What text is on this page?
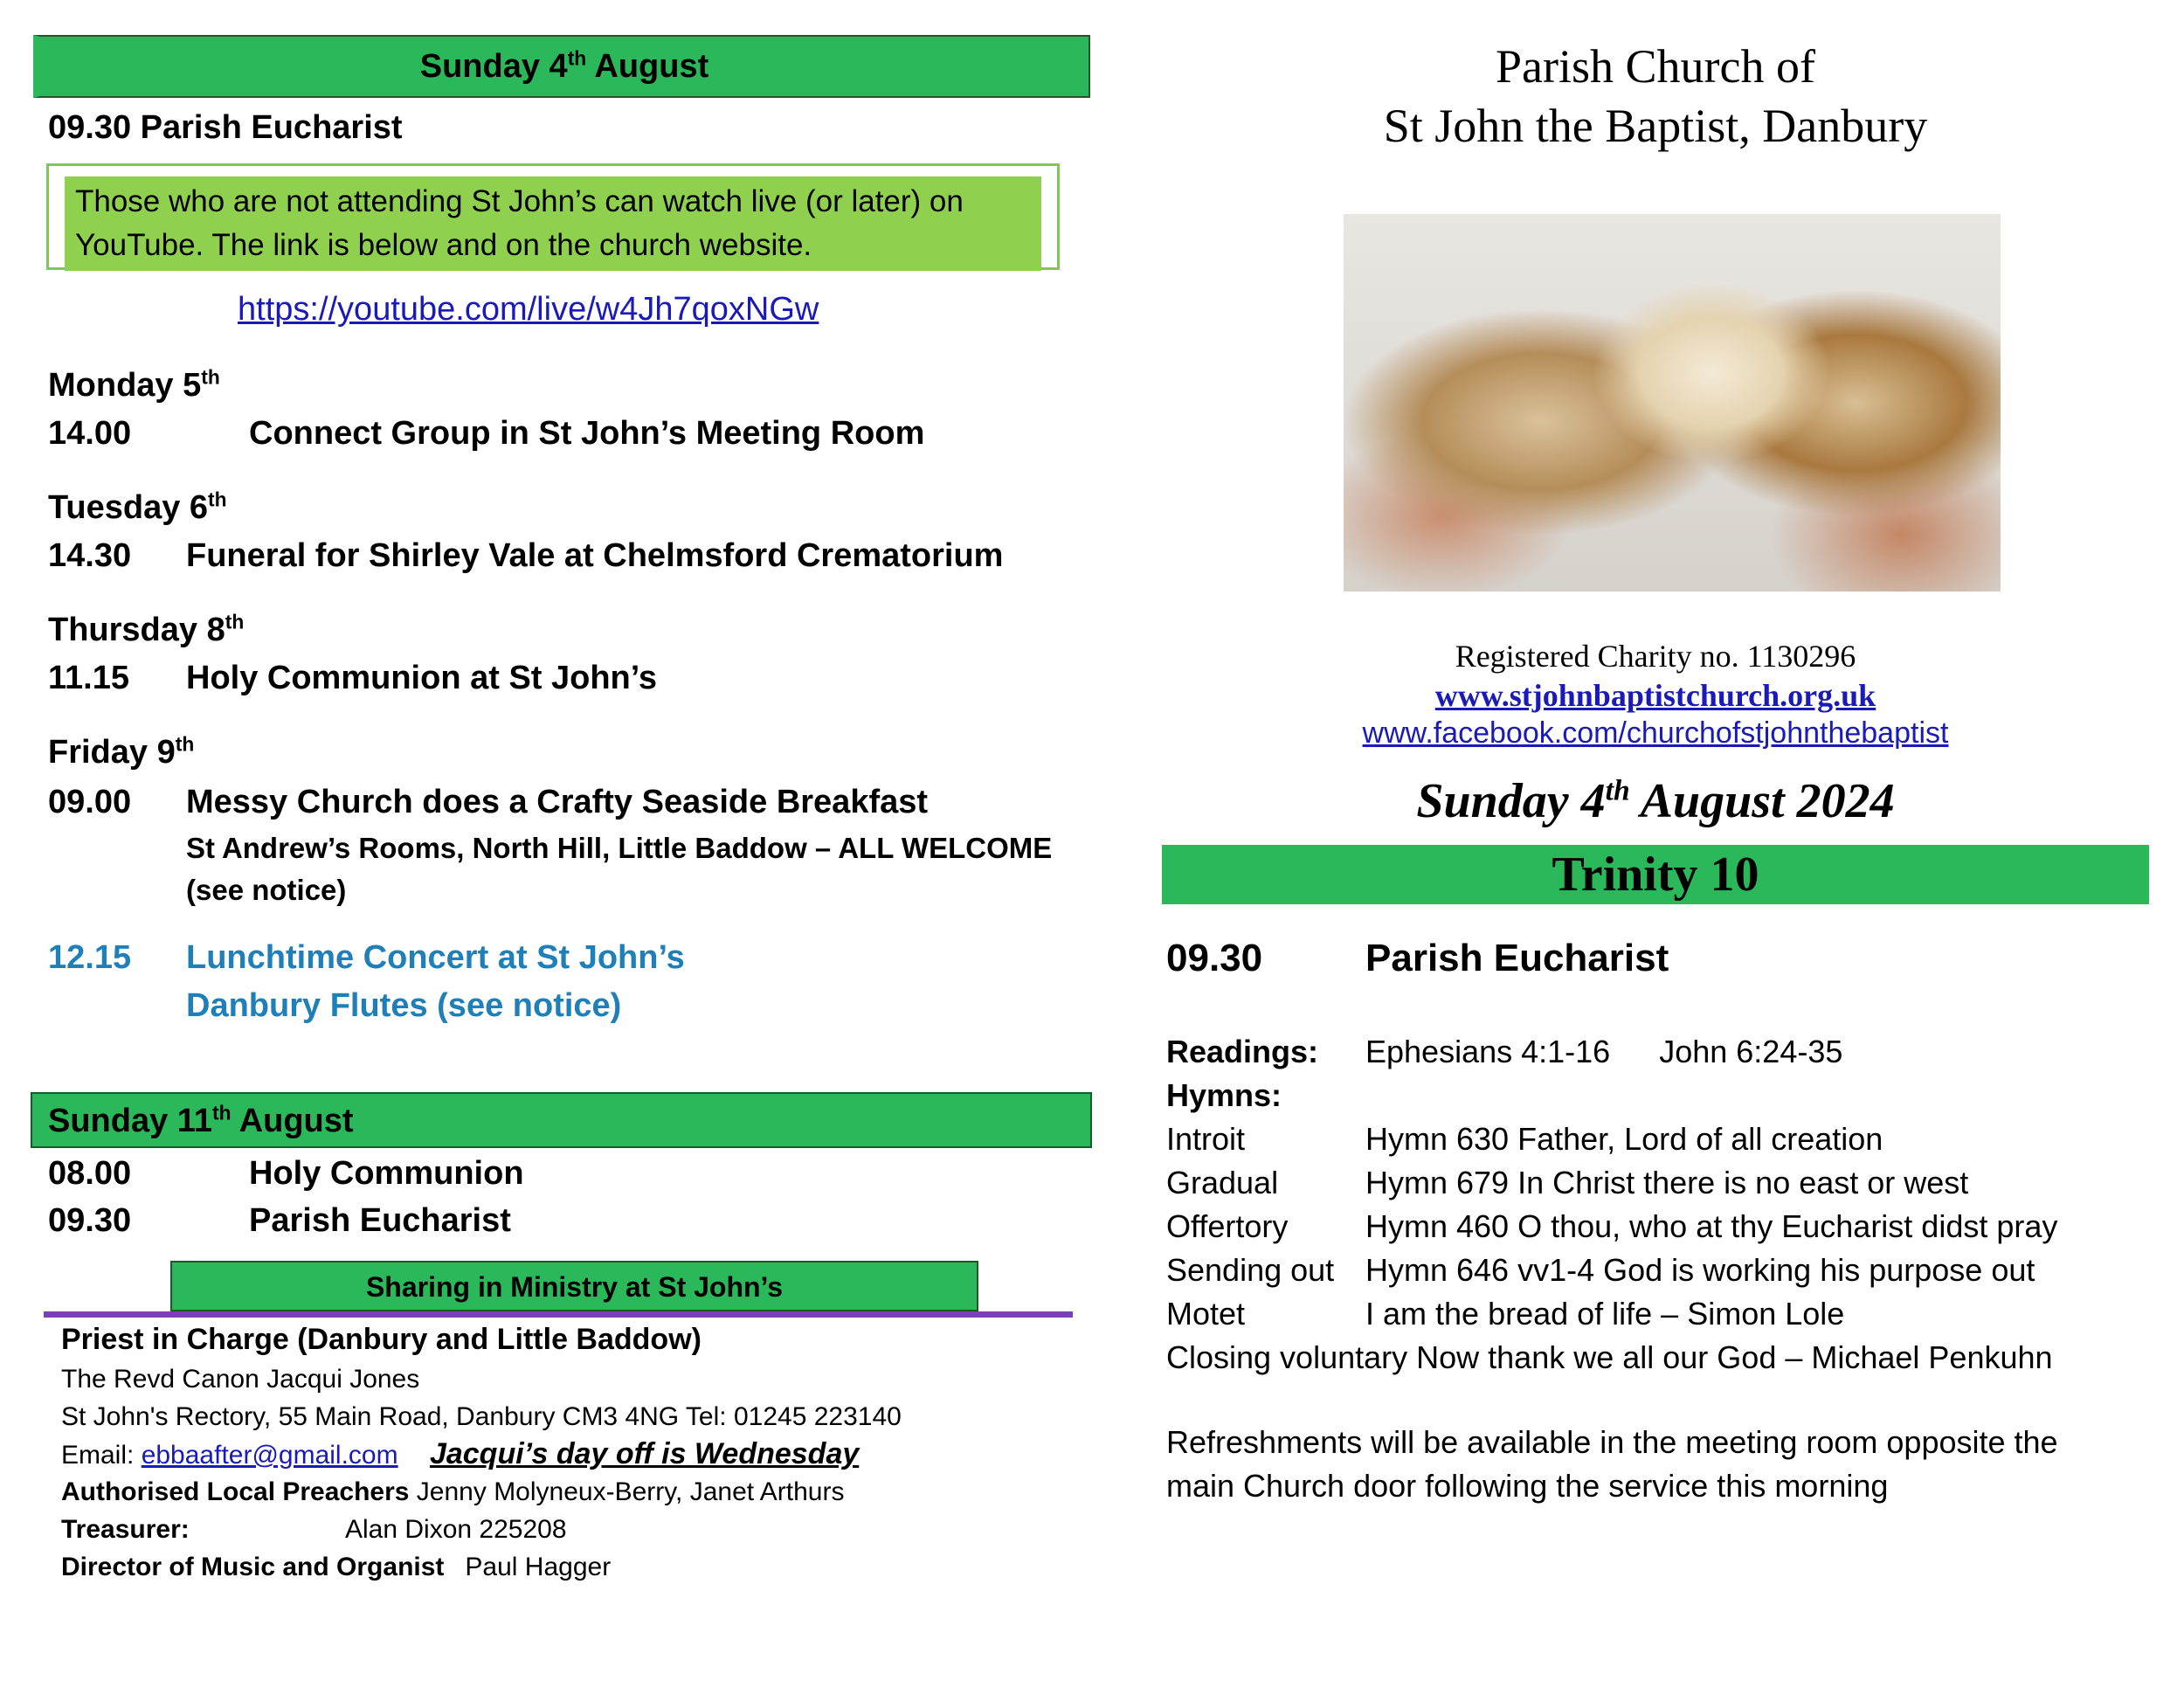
Sunday 4th August
09.30 Parish Eucharist
Those who are not attending St John’s can watch live (or later) on
YouTube. The link is below and on the church website.
https://youtube.com/live/w4Jh7qoxNGw
Monday 5th
14.00	Connect Group in St John’s Meeting Room
Tuesday 6th
14.30 Funeral for Shirley Vale at Chelmsford Crematorium
Thursday 8th
11.15 Holy Communion at St John’s
Friday 9th
09.00 Messy Church does a Crafty Seaside Breakfast
St Andrew’s Rooms, North Hill, Little Baddow – ALL WELCOME
(see notice)
12.15 Lunchtime Concert at St John’s
Danbury Flutes (see notice)
Sunday 11th August
08.00	Holy Communion
09.30	Parish Eucharist
Sharing in Ministry at St John’s
Priest in Charge (Danbury and Little Baddow)
The Revd Canon Jacqui Jones
St John's Rectory, 55 Main Road, Danbury CM3 4NG Tel: 01245 223140
Email: ebbaafter@gmail.com Jacqui’s day off is Wednesday
Authorised Local Preachers Jenny Molyneux-Berry, Janet Arthurs
Treasurer:	Alan Dixon 225208
Director of Music and Organist Paul Hagger
Parish Church of
St John the Baptist, Danbury
Registered Charity no. 1130296
www.stjohnbaptistchurch.org.uk
www.facebook.com/churchofstjohnthebaptist
Sunday 4th August 2024
Trinity 10
09.30	Parish Eucharist
Readings: Ephesians 4:1-16 John 6:24-35
Hymns:
Introit	Hymn 630 Father, Lord of all creation
Gradual	Hymn 679 In Christ there is no east or west
Offertory Hymn 460 O thou, who at thy Eucharist didst pray
Sending out Hymn 646 vv1-4 God is working his purpose out
Motet	I am the bread of life – Simon Lole
Closing voluntary Now thank we all our God – Michael Penkuhn
Refreshments will be available in the meeting room opposite the
main Church door following the service this morning
